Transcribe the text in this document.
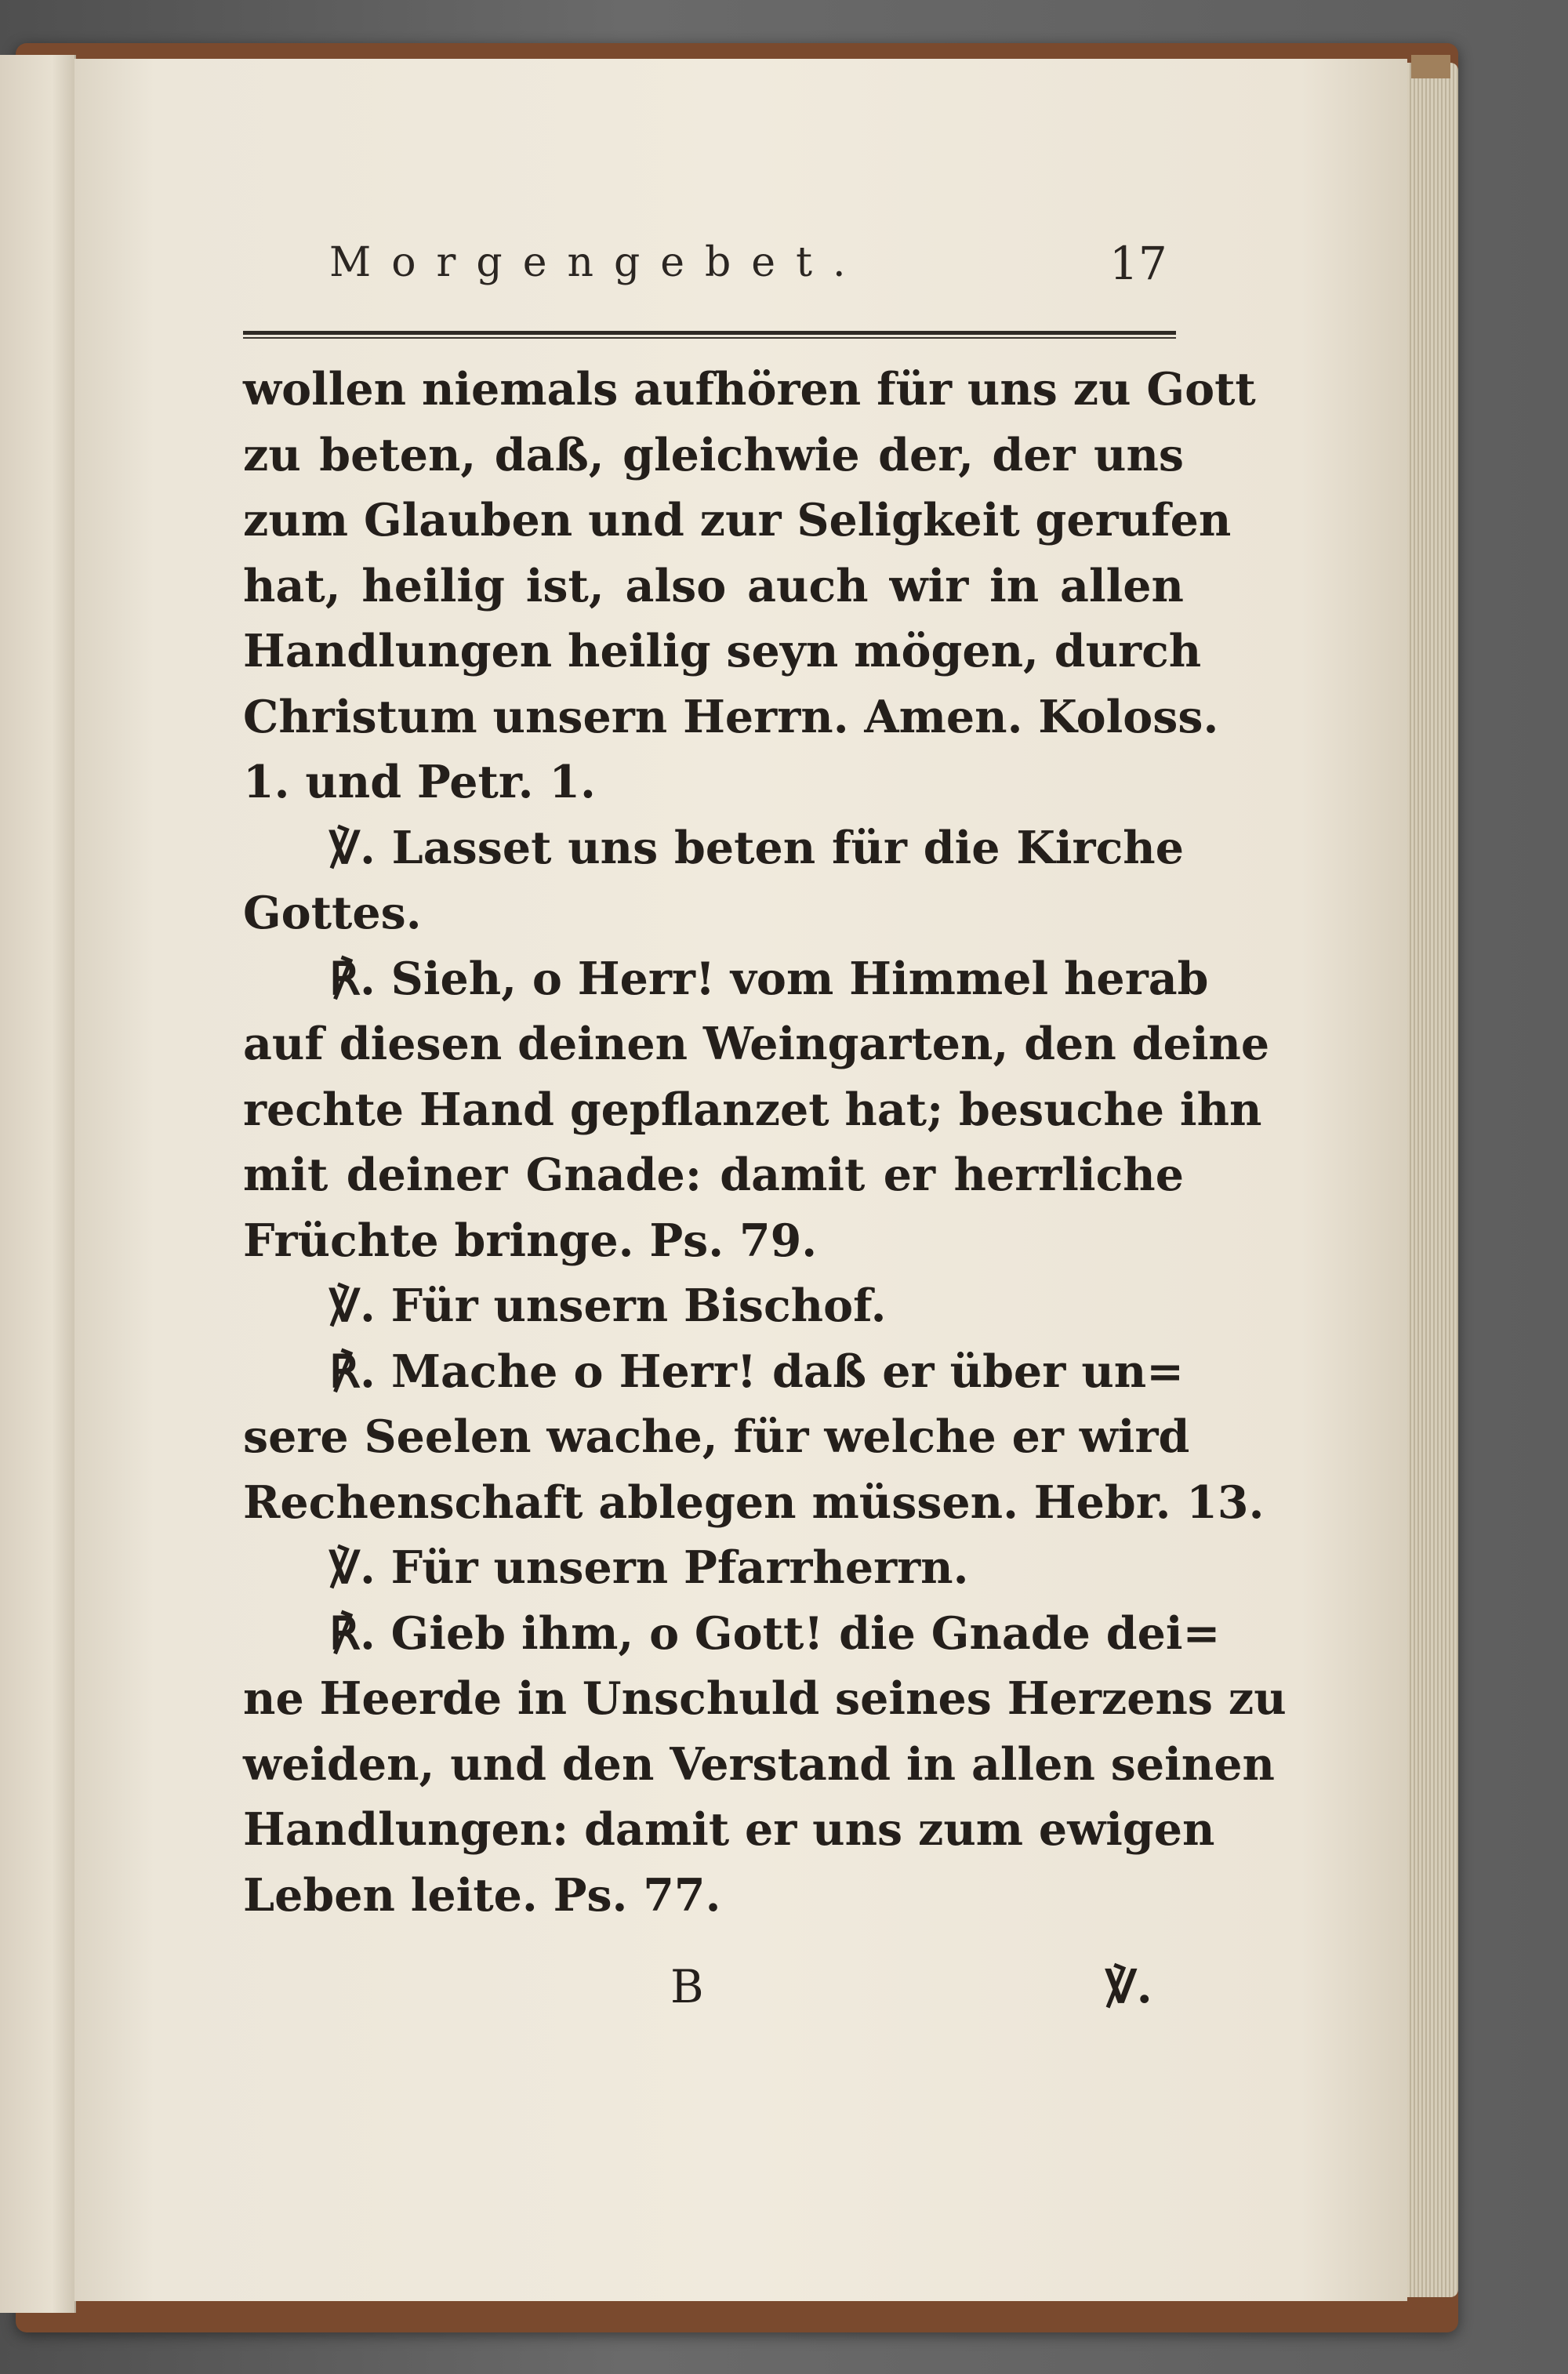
Morgengebet.	17
wollen niemals aufhören für uns zu Gott
zu beten, daß, gleichwie der, der uns
zum Glauben und zur Seligkeit gerufen
hat, heilig ist, also auch wir in allen
Handlungen heilig seyn mögen, durch
Christum unsern Herrn. Amen. Koloss.
1. und Petr. 1.
℣. Lasset uns beten für die Kirche
Gottes.
℟. Sieh, o Herr! vom Himmel herab
auf diesen deinen Weingarten, den deine
rechte Hand gepflanzet hat; besuche ihn
mit deiner Gnade: damit er herrliche
Früchte bringe. Ps. 79.
℣. Für unsern Bischof.
℟. Mache o Herr! daß er über un=
sere Seelen wache, für welche er wird
Rechenschaft ablegen müssen. Hebr. 13.
℣. Für unsern Pfarrherrn.
℟. Gieb ihm, o Gott! die Gnade dei=
ne Heerde in Unschuld seines Herzens zu
weiden, und den Verstand in allen seinen
Handlungen: damit er uns zum ewigen
Leben leite. Ps. 77.
B	℣.
